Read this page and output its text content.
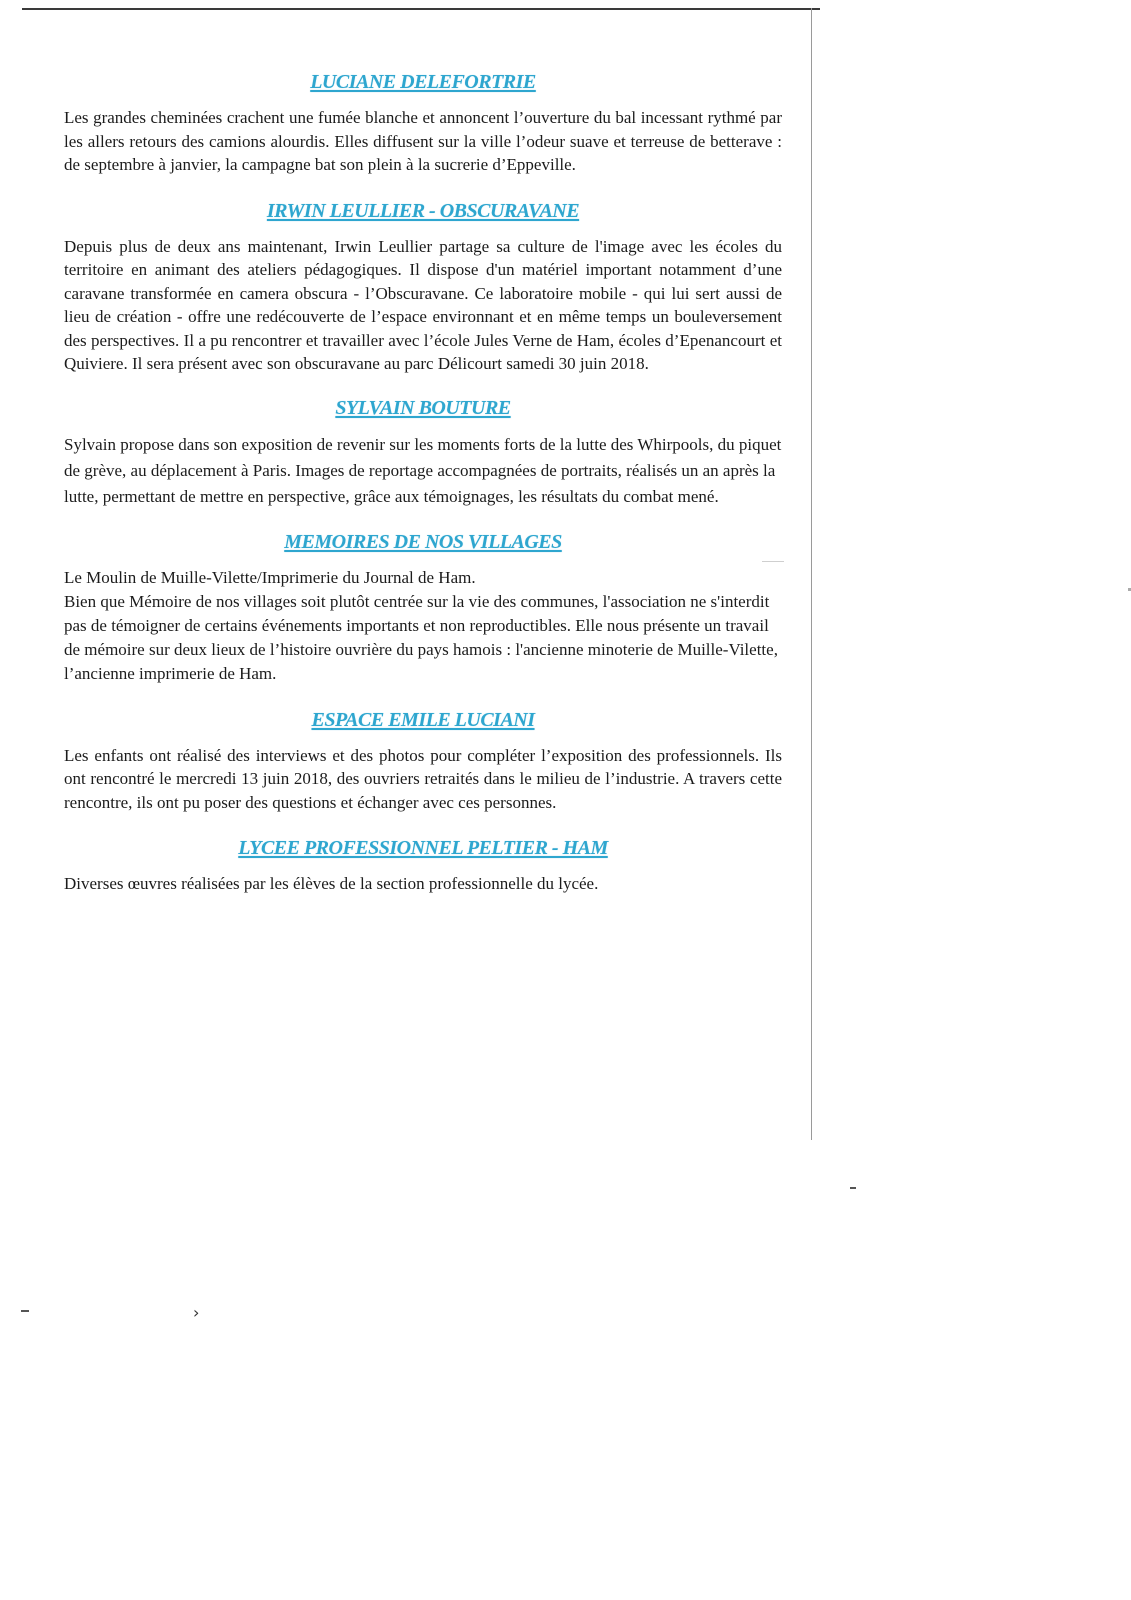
LUCIANE DELEFORTRIE

Les grandes cheminées crachent une fumée blanche et annoncent l’ouverture du bal incessant rythmé par les allers retours des camions alourdis. Elles diffusent sur la ville l’odeur suave et terreuse de betterave : de septembre à janvier, la campagne bat son plein à la sucrerie d’Eppeville.

IRWIN LEULLIER - OBSCURAVANE

Depuis plus de deux ans maintenant, Irwin Leullier partage sa culture de l'image avec les écoles du territoire en animant des ateliers pédagogiques. Il dispose d'un matériel important notamment d’une caravane transformée en camera obscura - l’Obscuravane. Ce laboratoire mobile - qui lui sert aussi de lieu de création - offre une redécouverte de l’espace environnant et en même temps un bouleversement des perspectives. Il a pu rencontrer et travailler avec l’école Jules Verne de Ham, écoles d’Epenancourt et Quiviere. Il sera présent avec son obscuravane au parc Délicourt samedi 30 juin 2018.

SYLVAIN BOUTURE

Sylvain propose dans son exposition de revenir sur les moments forts de la lutte des Whirpools, du piquet de grève, au déplacement à Paris. Images de reportage accompagnées de portraits, réalisés un an après la lutte, permettant de mettre en perspective, grâce aux témoignages, les résultats du combat mené.

MEMOIRES DE NOS VILLAGES

Le Moulin de Muille-Vilette/Imprimerie du Journal de Ham.

Bien que Mémoire de nos villages soit plutôt centrée sur la vie des communes, l'association ne s'interdit pas de témoigner de certains événements importants et non reproductibles. Elle nous présente un travail de mémoire sur deux lieux de l’histoire ouvrière du pays hamois : l'ancienne minoterie de Muille-Vilette, l’ancienne imprimerie de Ham.

ESPACE EMILE LUCIANI

Les enfants ont réalisé des interviews et des photos pour compléter l’exposition des professionnels. Ils ont rencontré le mercredi 13 juin 2018, des ouvriers retraités dans le milieu de l’industrie. A travers cette rencontre, ils ont pu poser des questions et échanger avec ces personnes.

LYCEE PROFESSIONNEL PELTIER - HAM

Diverses œuvres réalisées par les élèves de la section professionnelle du lycée.

›
